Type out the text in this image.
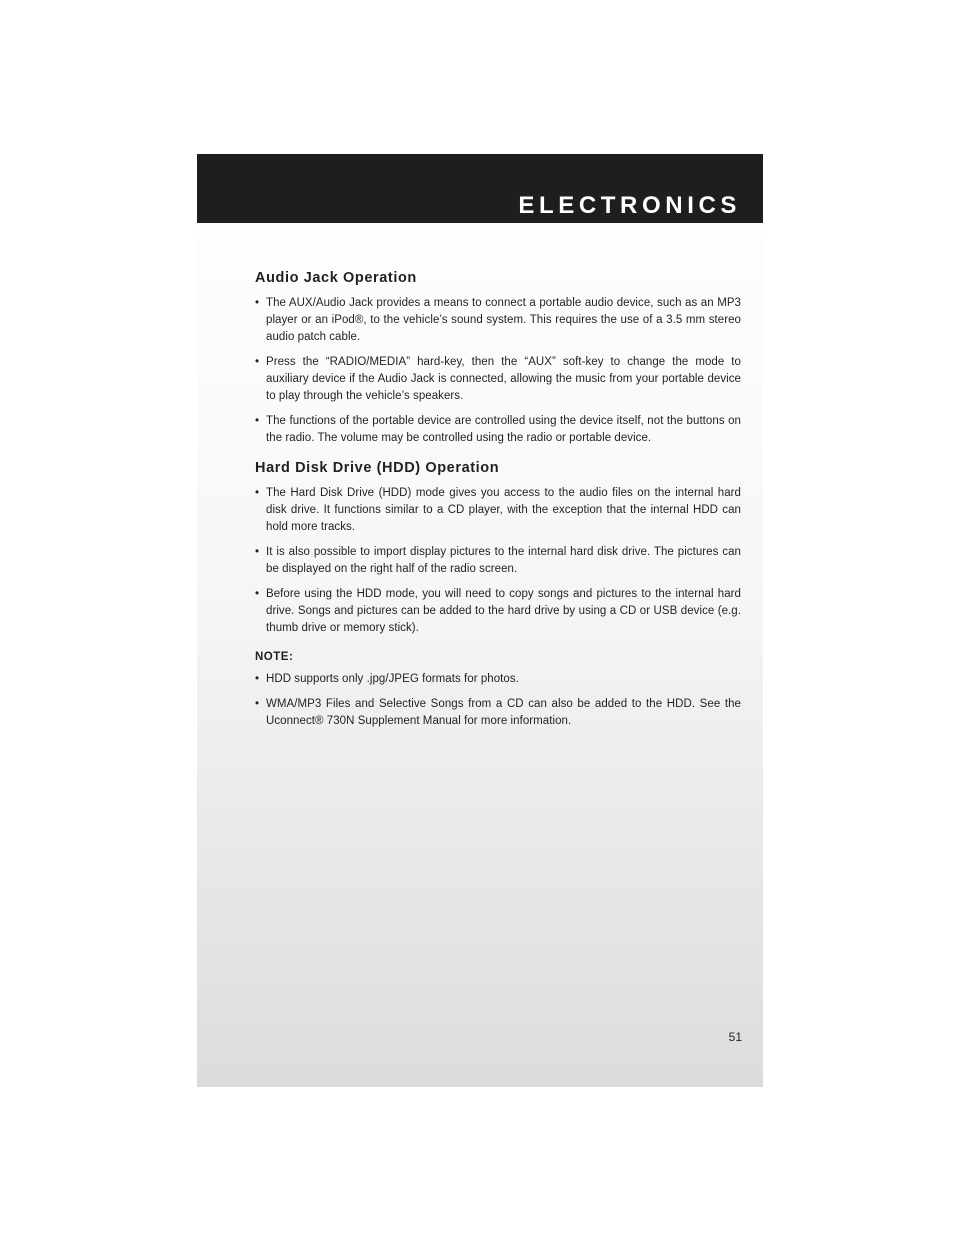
ELECTRONICS
Audio Jack Operation
• The AUX/Audio Jack provides a means to connect a portable audio device, such as an MP3 player or an iPod®, to the vehicle’s sound system. This requires the use of a 3.5 mm stereo audio patch cable.
• Press the “RADIO/MEDIA” hard-key, then the “AUX” soft-key to change the mode to auxiliary device if the Audio Jack is connected, allowing the music from your portable device to play through the vehicle’s speakers.
• The functions of the portable device are controlled using the device itself, not the buttons on the radio. The volume may be controlled using the radio or portable device.
Hard Disk Drive (HDD) Operation
• The Hard Disk Drive (HDD) mode gives you access to the audio files on the internal hard disk drive. It functions similar to a CD player, with the exception that the internal HDD can hold more tracks.
• It is also possible to import display pictures to the internal hard disk drive. The pictures can be displayed on the right half of the radio screen.
• Before using the HDD mode, you will need to copy songs and pictures to the internal hard drive. Songs and pictures can be added to the hard drive by using a CD or USB device (e.g. thumb drive or memory stick).
NOTE:
• HDD supports only .jpg/JPEG formats for photos.
• WMA/MP3 Files and Selective Songs from a CD can also be added to the HDD. See the Uconnect® 730N Supplement Manual for more information.
51
